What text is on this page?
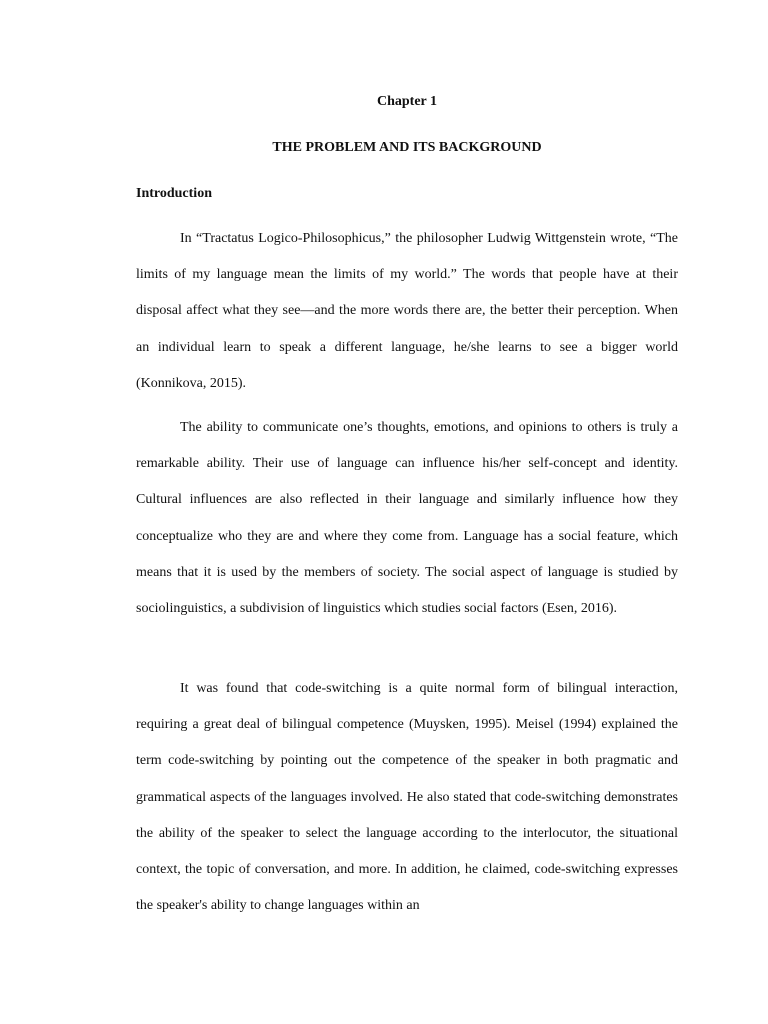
Chapter 1
THE PROBLEM AND ITS BACKGROUND
Introduction

In “Tractatus Logico-Philosophicus,” the philosopher Ludwig Wittgenstein wrote, “The limits of my language mean the limits of my world.” The words that people have at their disposal affect what they see—and the more words there are, the better their perception. When an individual learn to speak a different language, he/she learns to see a bigger world (Konnikova, 2015).

The ability to communicate one’s thoughts, emotions, and opinions to others is truly a remarkable ability. Their use of language can influence his/her self-concept and identity. Cultural influences are also reflected in their language and similarly influence how they conceptualize who they are and where they come from. Language has a social feature, which means that it is used by the members of society. The social aspect of language is studied by sociolinguistics, a subdivision of linguistics which studies social factors (Esen, 2016).

It was found that code-switching is a quite normal form of bilingual interaction, requiring a great deal of bilingual competence (Muysken, 1995). Meisel (1994) explained the term code-switching by pointing out the competence of the speaker in both pragmatic and grammatical aspects of the languages involved. He also stated that code-switching demonstrates the ability of the speaker to select the language according to the interlocutor, the situational context, the topic of conversation, and more. In addition, he claimed, code-switching expresses the speaker's ability to change languages within an
